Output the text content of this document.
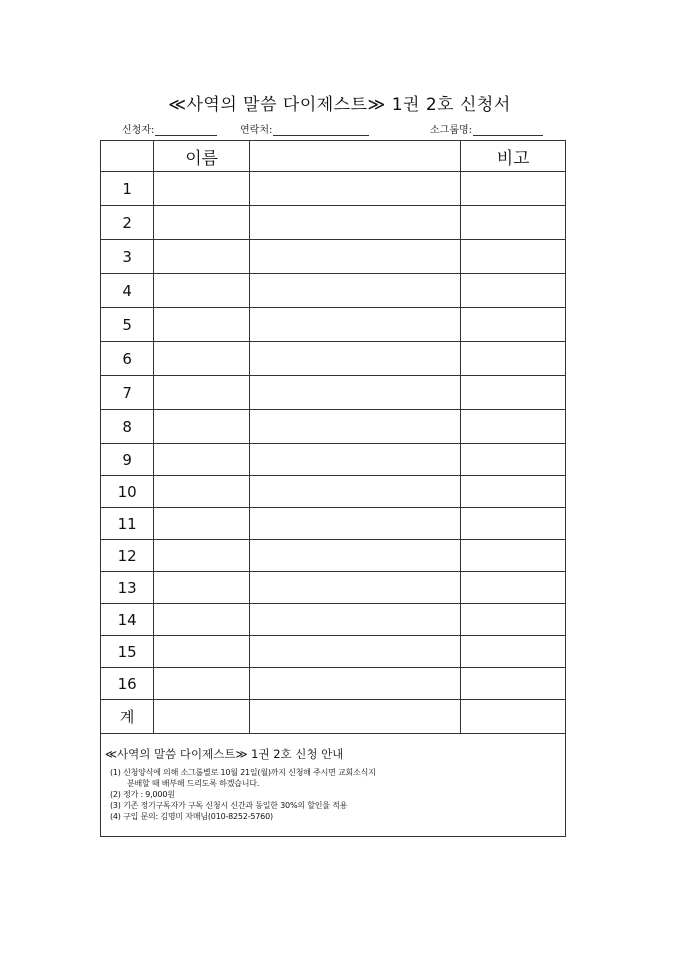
≪사역의 말씀 다이제스트≫ 1권 2호 신청서
신청자:	연락처:	소그룹명:
	이름		비고
1			
2			
3			
4			
5			
6			
7			
8			
9			
10			
11			
12			
13			
14			
15			
16			
계			
≪사역의 말씀 다이제스트≫ 1권 2호 신청 안내
(1) 신청양식에 의해 소그룹별로 10월 21일(월)까지 신청해 주시면 교회소식지
분배할 때 배부해 드리도록 하겠습니다.
(2) 정가 : 9,000원
(3) 기존 정기구독자가 구독 신청시 신간과 동일한 30%의 할인율 적용
(4) 구입 문의: 김명미 자매님(010-8252-5760)
